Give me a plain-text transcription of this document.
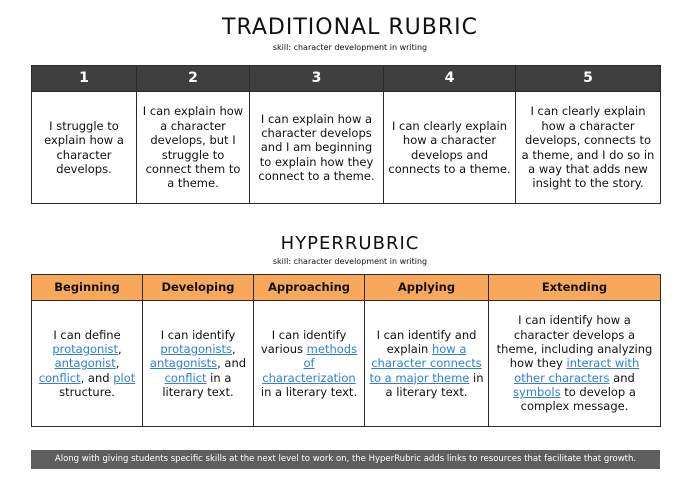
TRADITIONAL RUBRIC
skill: character development in writing
1	2	3	4	5
I struggle to explain how a character develops.	I can explain how a character develops, but I struggle to connect them to a theme.	I can explain how a character develops and I am beginning to explain how they connect to a theme.	I can clearly explain how a character develops and connects to a theme.	I can clearly explain how a character develops, connects to a theme, and I do so in a way that adds new insight to the story.
HYPERRUBRIC
skill: character development in writing
Beginning	Developing	Approaching	Applying	Extending
I can define protagonist, antagonist, conflict, and plot structure.	I can identify protagonists, antagonists, and conflict in a literary text.	I can identify various methods of characterization in a literary text.	I can identify and explain how a character connects to a major theme in a literary text.	I can identify how a character develops a theme, including analyzing how they interact with other characters and symbols to develop a complex message.
Along with giving students specific skills at the next level to work on, the HyperRubric adds links to resources that facilitate that growth.
